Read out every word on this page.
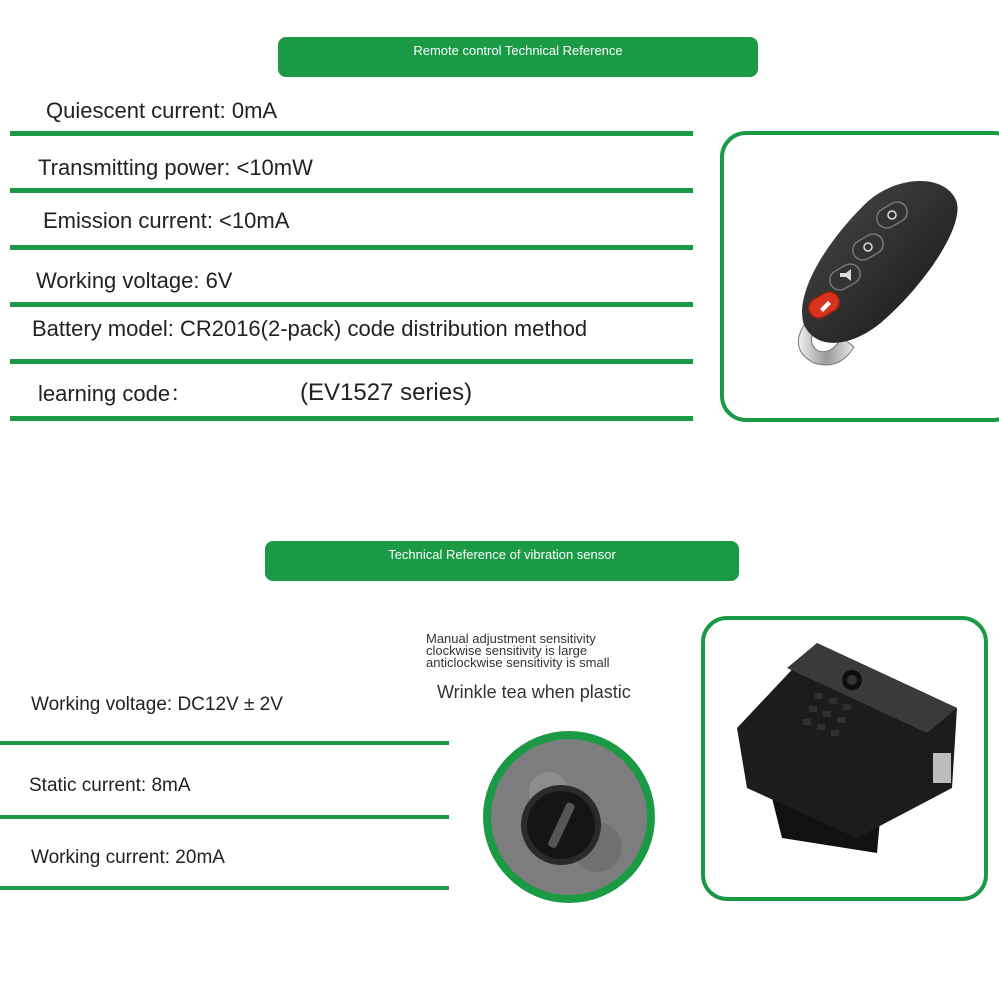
Remote control Technical Reference
Quiescent current: 0mA
Transmitting power: <10mW
Emission current: <10mA
Working voltage: 6V
Battery model: CR2016(2-pack) code distribution method
learning code：	(EV1527 series)
Technical Reference of vibration sensor
Manual adjustment sensitivity
clockwise sensitivity is large
anticlockwise sensitivity is small
Wrinkle tea when plastic
Working voltage: DC12V ± 2V
Static current: 8mA
Working current: 20mA
